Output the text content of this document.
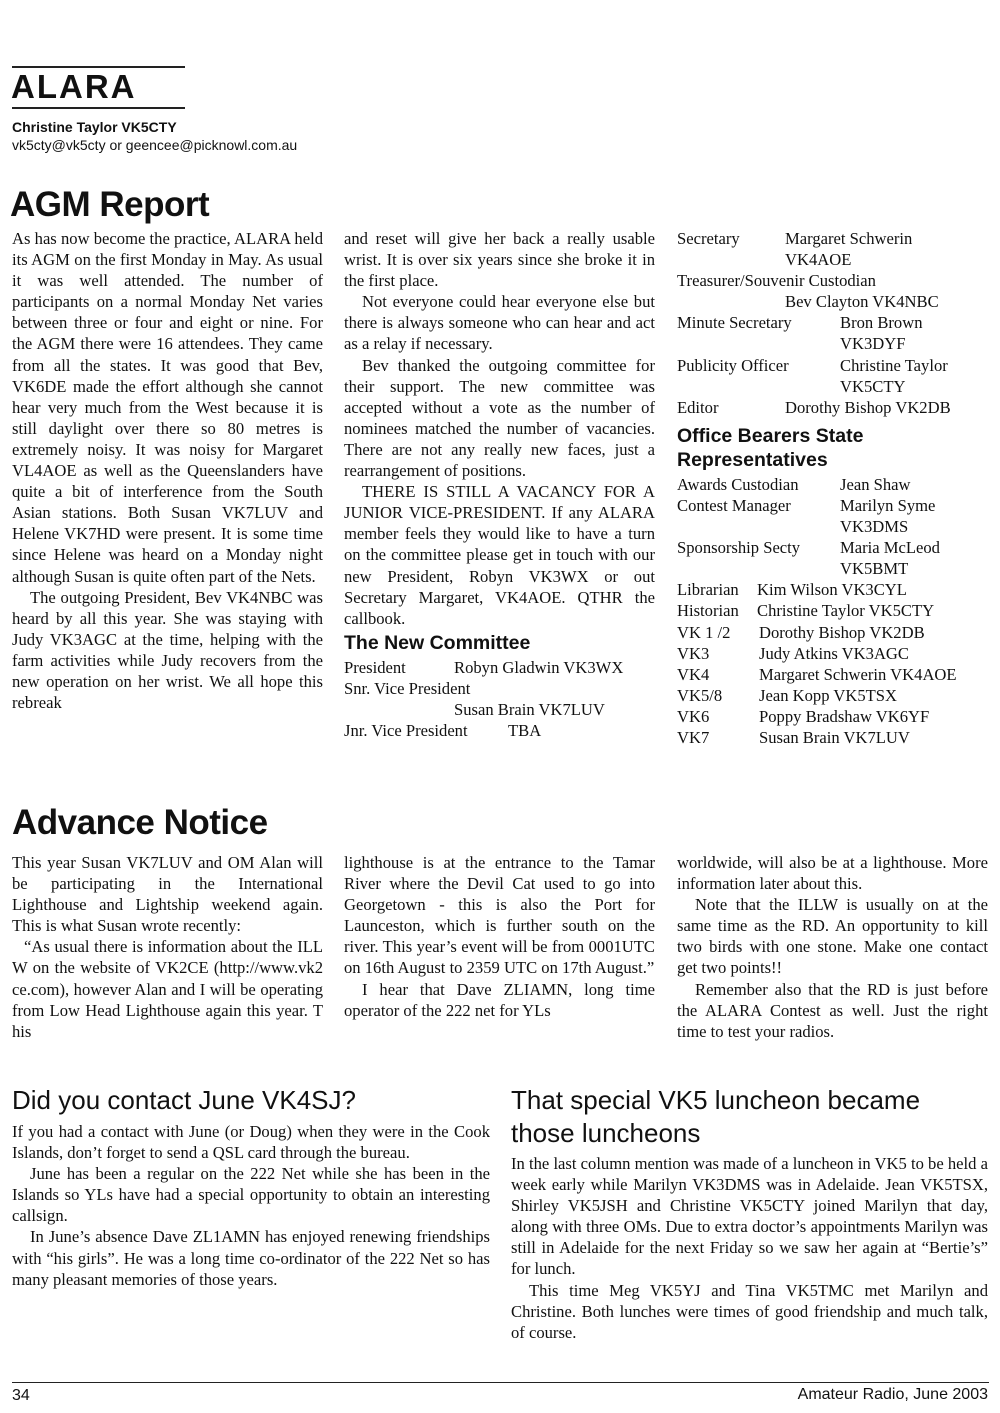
ALARA
Christine Taylor VK5CTY
vk5cty@vk5cty or geencee@picknowl.com.au
AGM Report

As has now become the practice, ALARA held its AGM on the first Monday in May. As usual it was well attended. The number of participants on a normal Monday Net varies between three or four and eight or nine. For the AGM there were 16 attendees. They came from all the states. It was good that Bev, VK6DE made the effort although she cannot hear very much from the West because it is still daylight over there so 80 metres is extremely noisy. It was noisy for Margaret VL4AOE as well as the Queenslanders have quite a bit of interference from the South Asian stations. Both Susan VK7LUV and Helene VK7HD were present. It is some time since Helene was heard on a Monday night although Susan is quite often part of the Nets.

The outgoing President, Bev VK4NBC was heard by all this year. She was staying with Judy VK3AGC at the time, helping with the farm activities while Judy recovers from the new operation on her wrist. We all hope this rebreak

and reset will give her back a really usable wrist. It is over six years since she broke it in the first place.

Not everyone could hear everyone else but there is always someone who can hear and act as a relay if necessary.

Bev thanked the outgoing committee for their support. The new committee was accepted without a vote as the number of nominees matched the number of vacancies. There are not any really new faces, just a rearrangement of positions.

THERE IS STILL A VACANCY FOR A JUNIOR VICE-PRESIDENT. If any ALARA member feels they would like to have a turn on the committee please get in touch with our new President, Robyn VK3WX or out Secretary Margaret, VK4AOE. QTHR the callbook.

The New Committee
President	Robyn Gladwin VK3WX
Snr. Vice President
Susan Brain VK7LUV
Jnr. Vice President	TBA
Secretary	Margaret Schwerin
VK4AOE
Treasurer/Souvenir Custodian
Bev Clayton VK4NBC
Minute Secretary	Bron Brown
VK3DYF
Publicity Officer	Christine Taylor
VK5CTY
Editor	Dorothy Bishop VK2DB
Office Bearers State Representatives
Awards Custodian	Jean Shaw
Contest Manager	Marilyn Syme
VK3DMS
Sponsorship Secty	Maria McLeod
VK5BMT
Librarian	Kim Wilson VK3CYL
Historian	Christine Taylor VK5CTY
VK 1 /2	Dorothy Bishop VK2DB
VK3	Judy Atkins VK3AGC
VK4	Margaret Schwerin VK4AOE
VK5/8	Jean Kopp VK5TSX
VK6	Poppy Bradshaw VK6YF
VK7	Susan Brain VK7LUV
Advance Notice

This year Susan VK7LUV and OM Alan will be participating in the International Lighthouse and Lightship weekend again. This is what Susan wrote recently:

“As usual there is information about the ILLW on the website of VK2CE (http://www.vk2ce.com), however Alan and I will be operating from Low Head Lighthouse again this year. This

lighthouse is at the entrance to the Tamar River where the Devil Cat used to go into Georgetown - this is also the Port for Launceston, which is further south on the river. This year’s event will be from 0001UTC on 16th August to 2359 UTC on 17th August.”

I hear that Dave ZLIAMN, long time operator of the 222 net for YLs

worldwide, will also be at a lighthouse. More information later about this.

Note that the ILLW is usually on at the same time as the RD. An opportunity to kill two birds with one stone. Make one contact get two points!!

Remember also that the RD is just before the ALARA Contest as well. Just the right time to test your radios.

Did you contact June VK4SJ?

If you had a contact with June (or Doug) when they were in the Cook Islands, don’t forget to send a QSL card through the bureau.

June has been a regular on the 222 Net while she has been in the Islands so YLs have had a special opportunity to obtain an interesting callsign.

In June’s absence Dave ZL1AMN has enjoyed renewing friendships with “his girls”. He was a long time co-ordinator of the 222 Net so has many pleasant memories of those years.

That special VK5 luncheon became those luncheons

In the last column mention was made of a luncheon in VK5 to be held a week early while Marilyn VK3DMS was in Adelaide. Jean VK5TSX, Shirley VK5JSH and Christine VK5CTY joined Marilyn that day, along with three OMs. Due to extra doctor’s appointments Marilyn was still in Adelaide for the next Friday so we saw her again at “Bertie’s” for lunch.

This time Meg VK5YJ and Tina VK5TMC met Marilyn and Christine. Both lunches were times of good friendship and much talk, of course.

34	Amateur Radio, June 2003
